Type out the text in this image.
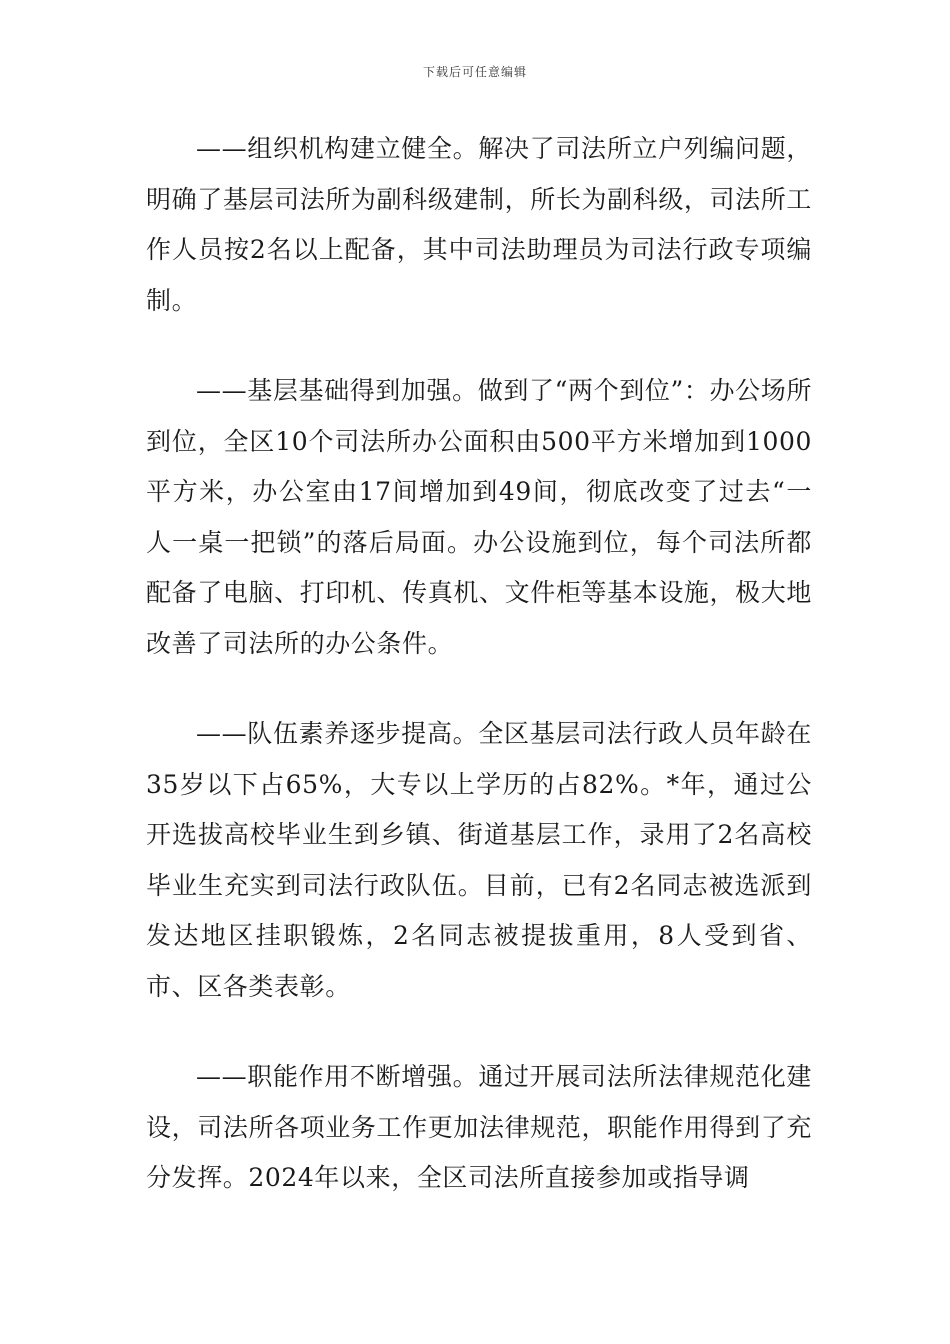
下载后可任意编辑

——组织机构建立健全。解决了司法所立户列编问题，明确了基层司法所为副科级建制，所长为副科级，司法所工作人员按2名以上配备，其中司法助理员为司法行政专项编制。

——基层基础得到加强。做到了“两个到位”：办公场所到位，全区10个司法所办公面积由500平方米增加到1000平方米，办公室由17间增加到49间，彻底改变了过去“一人一桌一把锁”的落后局面。办公设施到位，每个司法所都配备了电脑、打印机、传真机、文件柜等基本设施，极大地改善了司法所的办公条件。

——队伍素养逐步提高。全区基层司法行政人员年龄在35岁以下占65%，大专以上学历的占82%。*年，通过公开选拔高校毕业生到乡镇、街道基层工作，录用了2名高校毕业生充实到司法行政队伍。目前，已有2名同志被选派到发达地区挂职锻炼，2名同志被提拔重用，8人受到省、市、区各类表彰。

——职能作用不断增强。通过开展司法所法律规范化建设，司法所各项业务工作更加法律规范，职能作用得到了充分发挥。2024年以来，全区司法所直接参加或指导调
